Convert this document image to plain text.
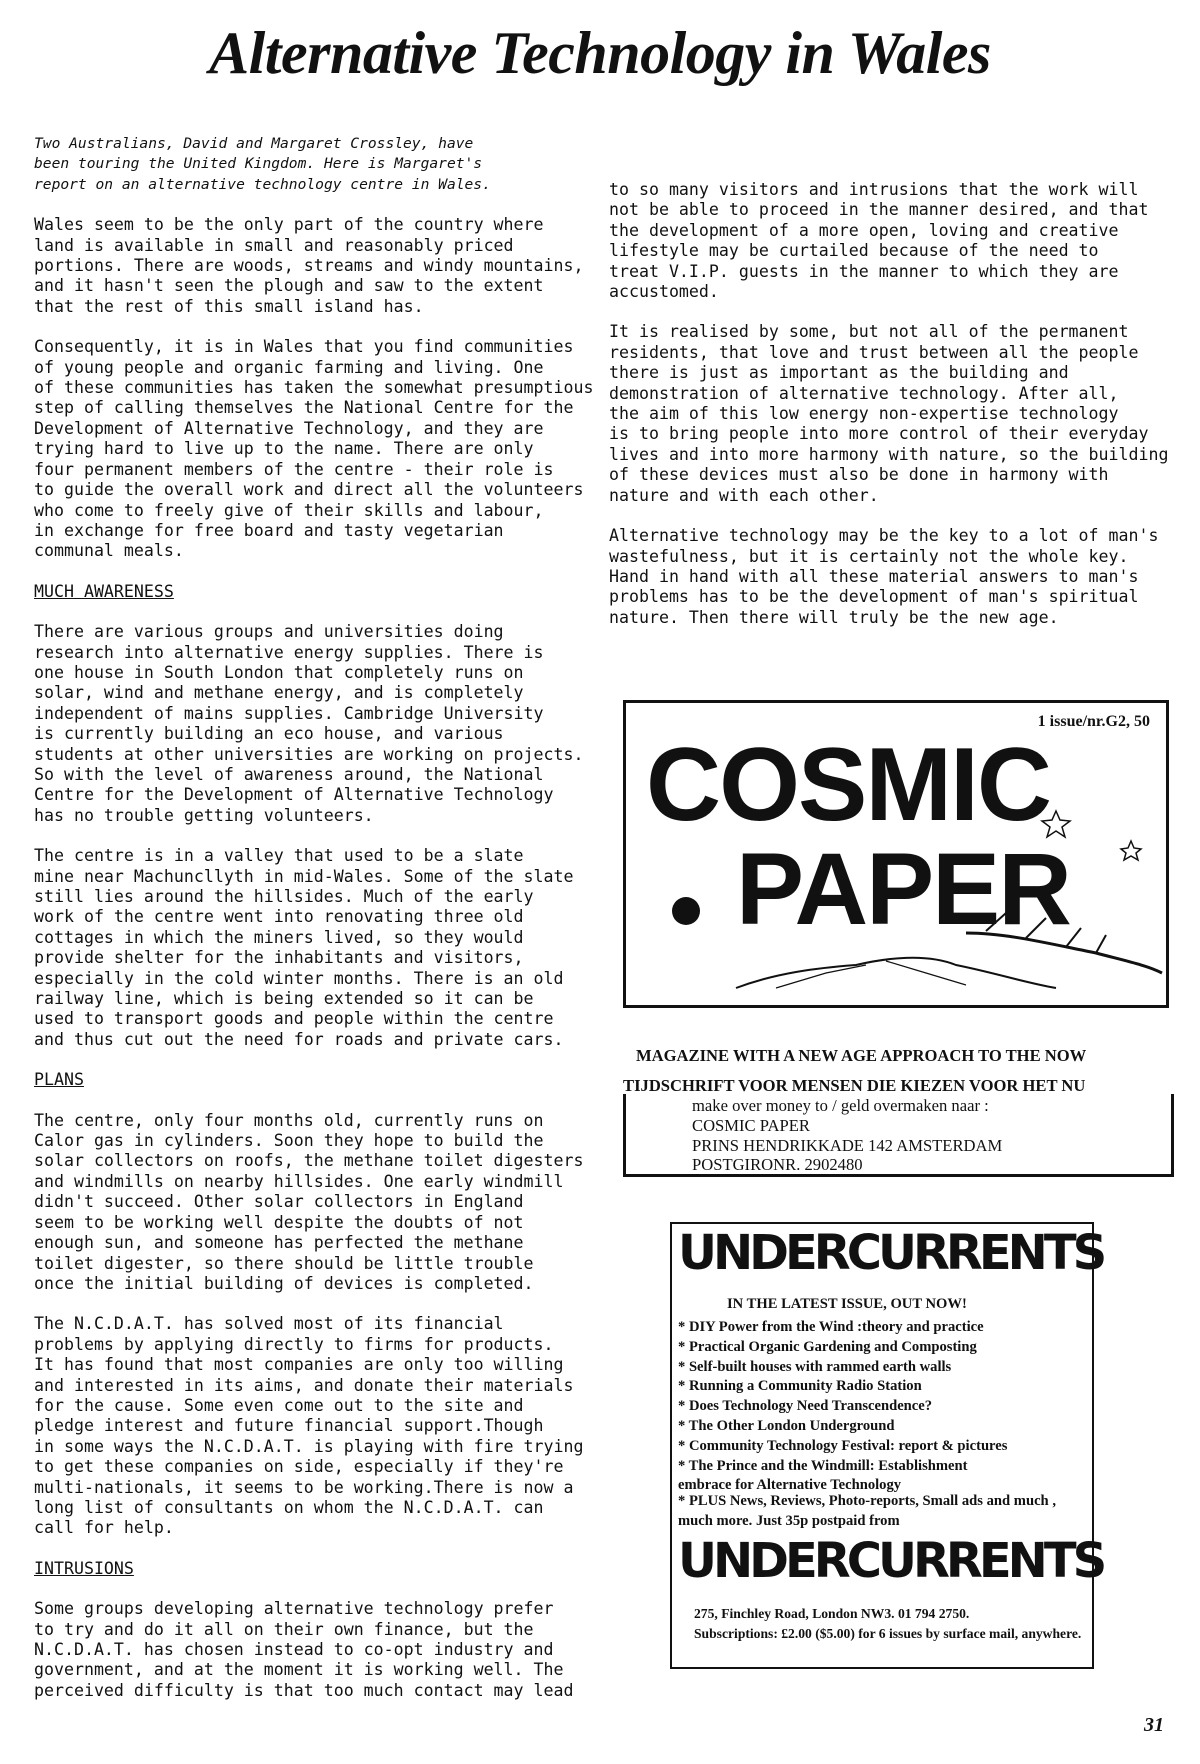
Alternative Technology in Wales

Two Australians, David and Margaret Crossley, have
been touring the United Kingdom. Here is Margaret's
report on an alternative technology centre in Wales.

Wales seem to be the only part of the country where
land is available in small and reasonably priced
portions. There are woods, streams and windy mountains,
and it hasn't seen the plough and saw to the extent
that the rest of this small island has.

Consequently, it is in Wales that you find communities
of young people and organic farming and living. One
of these communities has taken the somewhat presumptious
step of calling themselves the National Centre for the
Development of Alternative Technology, and they are
trying hard to live up to the name. There are only
four permanent members of the centre - their role is
to guide the overall work and direct all the volunteers
who come to freely give of their skills and labour,
in exchange for free board and tasty vegetarian
communal meals.

MUCH AWARENESS

There are various groups and universities doing
research into alternative energy supplies. There is
one house in South London that completely runs on
solar, wind and methane energy, and is completely
independent of mains supplies. Cambridge University
is currently building an eco house, and various
students at other universities are working on projects.
So with the level of awareness around, the National
Centre for the Development of Alternative Technology
has no trouble getting volunteers.

The centre is in a valley that used to be a slate
mine near Machuncllyth in mid-Wales. Some of the slate
still lies around the hillsides. Much of the early
work of the centre went into renovating three old
cottages in which the miners lived, so they would
provide shelter for the inhabitants and visitors,
especially in the cold winter months. There is an old
railway line, which is being extended so it can be
used to transport goods and people within the centre
and thus cut out the need for roads and private cars.

PLANS

The centre, only four months old, currently runs on
Calor gas in cylinders. Soon they hope to build the
solar collectors on roofs, the methane toilet digesters
and windmills on nearby hillsides. One early windmill
didn't succeed. Other solar collectors in England
seem to be working well despite the doubts of not
enough sun, and someone has perfected the methane
toilet digester, so there should be little trouble
once the initial building of devices is completed.

The N.C.D.A.T. has solved most of its financial
problems by applying directly to firms for products.
It has found that most companies are only too willing
and interested in its aims, and donate their materials
for the cause. Some even come out to the site and
pledge interest and future financial support.Though
in some ways the N.C.D.A.T. is playing with fire trying
to get these companies on side, especially if they're
multi-nationals, it seems to be working.There is now a
long list of consultants on whom the N.C.D.A.T. can
call for help.

INTRUSIONS

Some groups developing alternative technology prefer
to try and do it all on their own finance, but the
N.C.D.A.T. has chosen instead to co-opt industry and
government, and at the moment it is working well. The
perceived difficulty is that too much contact may lead

to so many visitors and intrusions that the work will
not be able to proceed in the manner desired, and that
the development of a more open, loving and creative
lifestyle may be curtailed because of the need to
treat V.I.P. guests in the manner to which they are
accustomed.

It is realised by some, but not all of the permanent
residents, that love and trust between all the people
there is just as important as the building and
demonstration of alternative technology. After all,
the aim of this low energy non-expertise technology
is to bring people into more control of their everyday
lives and into more harmony with nature, so the building
of these devices must also be done in harmony with
nature and with each other.

Alternative technology may be the key to a lot of man's
wastefulness, but it is certainly not the whole key.
Hand in hand with all these material answers to man's
problems has to be the development of man's spiritual
nature. Then there will truly be the new age.

1 issue/nr.G2, 50
COSMIC
PAPER
MAGAZINE WITH A NEW AGE APPROACH TO THE NOW
TIJDSCHRIFT VOOR MENSEN DIE KIEZEN VOOR HET NU
make over money to / geld overmaken naar :
COSMIC PAPER
PRINS HENDRIKKADE 142 AMSTERDAM
POSTGIRONR. 2902480
UNDERCURRENTS
IN THE LATEST ISSUE, OUT NOW!
* DIY Power from the Wind :theory and practice
* Practical Organic Gardening and Composting
* Self-built houses with rammed earth walls
* Running a Community Radio Station
* Does Technology Need Transcendence?
* The Other London Underground
* Community Technology Festival: report & pictures
* The Prince and the Windmill: Establishment
embrace for Alternative Technology
* PLUS News, Reviews, Photo-reports, Small ads and much , much more. Just 35p postpaid from
UNDERCURRENTS
275, Finchley Road, London NW3. 01 794 2750.
Subscriptions: £2.00 ($5.00) for 6 issues by surface mail, anywhere.
31
